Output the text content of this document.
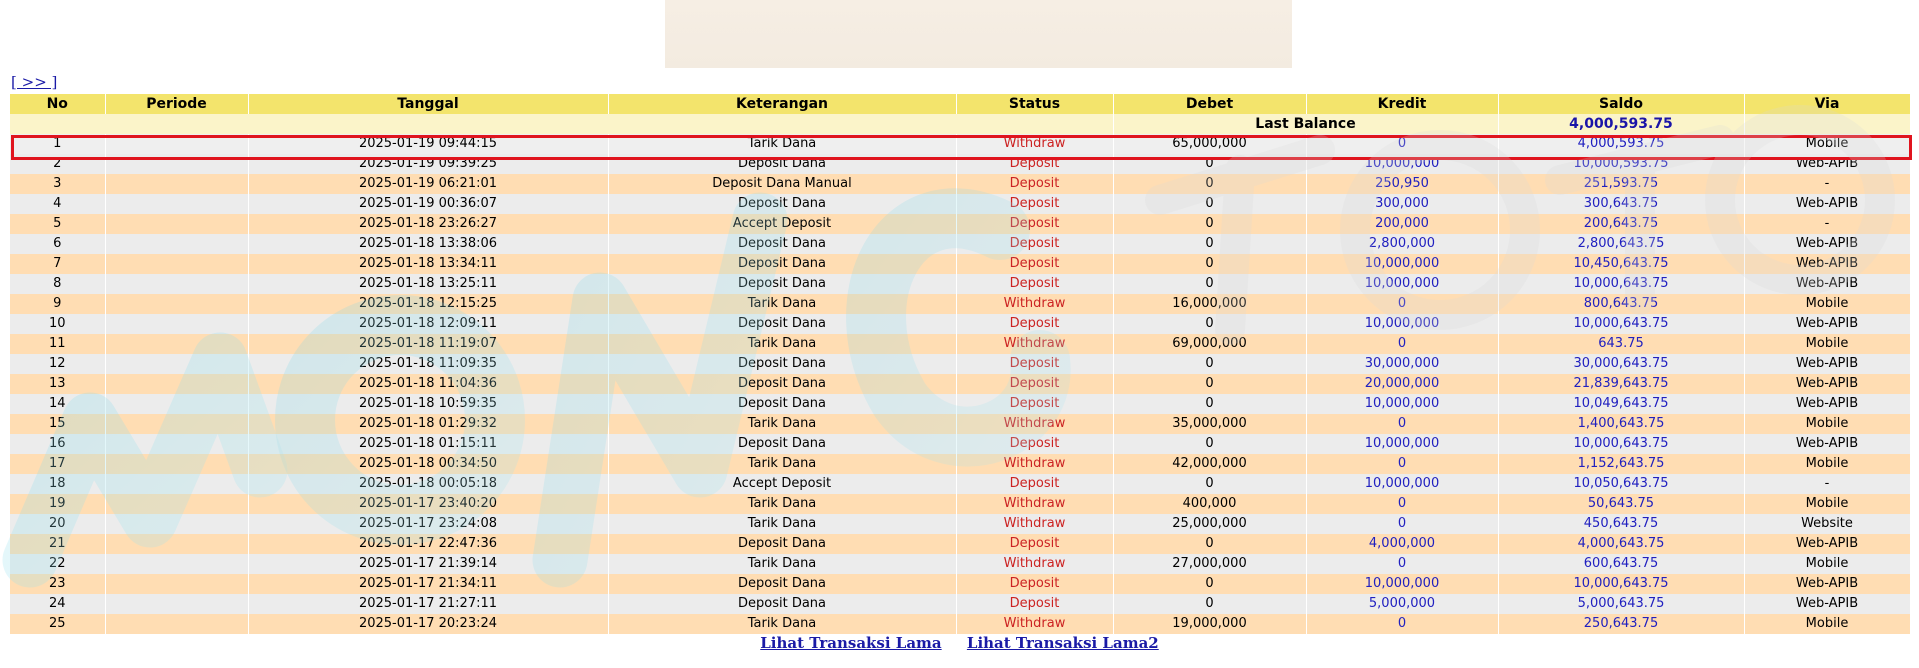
[ >> ]
No	Periode	Tanggal	Keterangan	Status	Debet	Kredit	Saldo	Via
					Last Balance		4,000,593.75	
1		2025-01-19 09:44:15	Tarik Dana	Withdraw	65,000,000	0	4,000,593.75	Mobile
2		2025-01-19 09:39:25	Deposit Dana	Deposit	0	10,000,000	10,000,593.75	Web-APIB
3		2025-01-19 06:21:01	Deposit Dana Manual	Deposit	0	250,950	251,593.75	-
4		2025-01-19 00:36:07	Deposit Dana	Deposit	0	300,000	300,643.75	Web-APIB
5		2025-01-18 23:26:27	Accept Deposit	Deposit	0	200,000	200,643.75	-
6		2025-01-18 13:38:06	Deposit Dana	Deposit	0	2,800,000	2,800,643.75	Web-APIB
7		2025-01-18 13:34:11	Deposit Dana	Deposit	0	10,000,000	10,450,643.75	Web-APIB
8		2025-01-18 13:25:11	Deposit Dana	Deposit	0	10,000,000	10,000,643.75	Web-APIB
9		2025-01-18 12:15:25	Tarik Dana	Withdraw	16,000,000	0	800,643.75	Mobile
10		2025-01-18 12:09:11	Deposit Dana	Deposit	0	10,000,000	10,000,643.75	Web-APIB
11		2025-01-18 11:19:07	Tarik Dana	Withdraw	69,000,000	0	643.75	Mobile
12		2025-01-18 11:09:35	Deposit Dana	Deposit	0	30,000,000	30,000,643.75	Web-APIB
13		2025-01-18 11:04:36	Deposit Dana	Deposit	0	20,000,000	21,839,643.75	Web-APIB
14		2025-01-18 10:59:35	Deposit Dana	Deposit	0	10,000,000	10,049,643.75	Web-APIB
15		2025-01-18 01:29:32	Tarik Dana	Withdraw	35,000,000	0	1,400,643.75	Mobile
16		2025-01-18 01:15:11	Deposit Dana	Deposit	0	10,000,000	10,000,643.75	Web-APIB
17		2025-01-18 00:34:50	Tarik Dana	Withdraw	42,000,000	0	1,152,643.75	Mobile
18		2025-01-18 00:05:18	Accept Deposit	Deposit	0	10,000,000	10,050,643.75	-
19		2025-01-17 23:40:20	Tarik Dana	Withdraw	400,000	0	50,643.75	Mobile
20		2025-01-17 23:24:08	Tarik Dana	Withdraw	25,000,000	0	450,643.75	Website
21		2025-01-17 22:47:36	Deposit Dana	Deposit	0	4,000,000	4,000,643.75	Web-APIB
22		2025-01-17 21:39:14	Tarik Dana	Withdraw	27,000,000	0	600,643.75	Mobile
23		2025-01-17 21:34:11	Deposit Dana	Deposit	0	10,000,000	10,000,643.75	Web-APIB
24		2025-01-17 21:27:11	Deposit Dana	Deposit	0	5,000,000	5,000,643.75	Web-APIB
25		2025-01-17 20:23:24	Tarik Dana	Withdraw	19,000,000	0	250,643.75	Mobile
Lihat Transaksi Lama Lihat Transaksi Lama2
